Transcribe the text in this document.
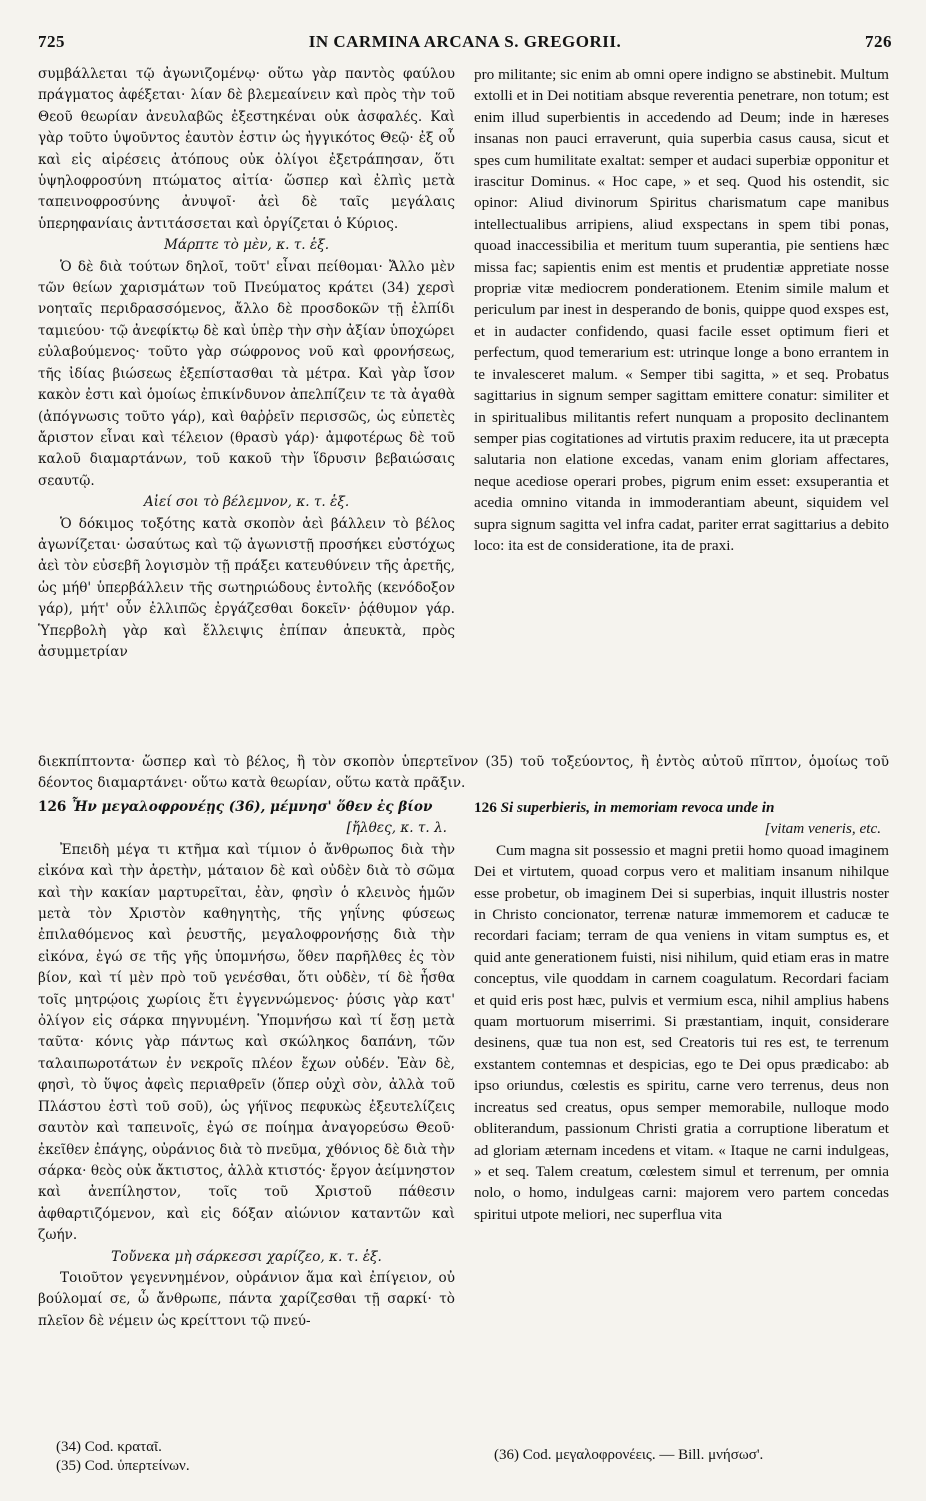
725	IN CARMINA ARCANA S. GREGORII.	726

συμβάλλεται τῷ ἀγωνιζομένῳ· οὕτω γὰρ παντὸς φαύλου πράγματος ἀφέξεται· λίαν δὲ βλεμεαίνειν καὶ πρὸς τὴν τοῦ Θεοῦ θεωρίαν ἀνευλαβῶς ἐξεστηκέναι οὐκ ἀσφαλές. Καὶ γὰρ τοῦτο ὑψοῦντος ἑαυτὸν ἐστιν ὡς ἠγγικότος Θεῷ· ἐξ οὗ καὶ εἰς αἱρέσεις ἀτόπους οὐκ ὀλίγοι ἐξετράπησαν, ὅτι ὑψηλοφροσύνη πτώματος αἰτία· ὥσπερ καὶ ἐλπὶς μετὰ ταπεινοφροσύνης ἀνυψοῖ· ἀεὶ δὲ ταῖς μεγάλαις ὑπερηφανίαις ἀντιτάσσεται καὶ ὀργίζεται ὁ Κύριος.

Μάρπτε τὸ μὲν, κ. τ. ἑξ.

Ὁ δὲ διὰ τούτων δηλοῖ, τοῦτ' εἶναι πείθομαι· Ἄλλο μὲν τῶν θείων χαρισμάτων τοῦ Πνεύματος κράτει (34) χερσὶ νοηταῖς περιδρασσόμενος, ἄλλο δὲ προσδοκῶν τῇ ἐλπίδι ταμιεύου· τῷ ἀνεφίκτῳ δὲ καὶ ὑπὲρ τὴν σὴν ἀξίαν ὑποχώρει εὐλαβούμενος· τοῦτο γὰρ σώφρονος νοῦ καὶ φρονήσεως, τῆς ἰδίας βιώσεως ἐξεπίστασθαι τὰ μέτρα. Καὶ γὰρ ἴσον κακὸν ἐστι καὶ ὁμοίως ἐπικίνδυνον ἀπελπίζειν τε τὰ ἀγαθὰ (ἀπόγνωσις τοῦτο γάρ), καὶ θαῤῥεῖν περισσῶς, ὡς εὐπετὲς ἄριστον εἶναι καὶ τέλειον (θρασὺ γάρ)· ἀμφοτέρως δὲ τοῦ καλοῦ διαμαρτάνων, τοῦ κακοῦ τὴν ἵδρυσιν βεβαιώσαις σεαυτῷ.

Αἰεί σοι τὸ βέλεμνον, κ. τ. ἑξ.

Ὁ δόκιμος τοξότης κατὰ σκοπὸν ἀεὶ βάλλειν τὸ βέλος ἀγωνίζεται· ὡσαύτως καὶ τῷ ἀγωνιστῇ προσήκει εὐστόχως ἀεὶ τὸν εὐσεβῆ λογισμὸν τῇ πράξει κατευθύνειν τῆς ἀρετῆς, ὡς μήθ' ὑπερβάλλειν τῆς σωτηριώδους ἐντολῆς (κενόδοξον γάρ), μήτ' οὖν ἐλλιπῶς ἐργάζεσθαι δοκεῖν· ῥᾴθυμον γάρ. Ὑπερβολὴ γὰρ καὶ ἔλλειψις ἐπίπαν ἀπευκτὰ, πρὸς ἀσυμμετρίαν

pro militante; sic enim ab omni opere indigno se abstinebit. Multum extolli et in Dei notitiam absque reverentia penetrare, non totum; est enim illud superbientis in accedendo ad Deum; inde in hæreses insanas non pauci erraverunt, quia superbia casus causa, sicut et spes cum humilitate exaltat: semper et audaci superbiæ opponitur et irascitur Dominus. « Hoc cape, » et seq. Quod his ostendit, sic opinor: Aliud divinorum Spiritus charismatum cape manibus intellectualibus arripiens, aliud exspectans in spem tibi ponas, quoad inaccessibilia et meritum tuum superantia, pie sentiens hæc missa fac; sapientis enim est mentis et prudentiæ appretiate nosse propriæ vitæ mediocrem ponderationem. Etenim simile malum et periculum par inest in desperando de bonis, quippe quod exspes est, et in audacter confidendo, quasi facile esset optimum fieri et perfectum, quod temerarium est: utrinque longe a bono errantem in te invalesceret malum. « Semper tibi sagitta, » et seq. Probatus sagittarius in signum semper sagittam emittere conatur: similiter et in spiritualibus militantis refert nunquam a proposito declinantem semper pias cogitationes ad virtutis praxim reducere, ita ut præcepta salutaria non elatione excedas, vanam enim gloriam affectares, neque acediose operari probes, pigrum enim esset: exsuperantia et acedia omnino vitanda in immoderantiam abeunt, siquidem vel supra signum sagitta vel infra cadat, pariter errat sagittarius a debito loco: ita est de consideratione, ita de praxi.

διεκπίπτοντα· ὥσπερ καὶ τὸ βέλος, ἢ τὸν σκοπὸν ὑπερτεῖνον (35) τοῦ τοξεύοντος, ἢ ἐντὸς αὐτοῦ πῖπτον, ὁμοίως τοῦ δέοντος διαμαρτάνει· οὕτω κατὰ θεωρίαν, οὕτω κατὰ πρᾶξιν.

126 Ἦν μεγαλοφρονέῃς (36), μέμνησ' ὅθεν ἐς βίον

[ἤλθες, κ. τ. λ.

Ἐπειδὴ μέγα τι κτῆμα καὶ τίμιον ὁ ἄνθρωπος διὰ τὴν εἰκόνα καὶ τὴν ἀρετὴν, μάταιον δὲ καὶ οὐδὲν διὰ τὸ σῶμα καὶ τὴν κακίαν μαρτυρεῖται, ἐὰν, φησὶν ὁ κλεινὸς ἡμῶν μετὰ τὸν Χριστὸν καθηγητὴς, τῆς γηΐνης φύσεως ἐπιλαθόμενος καὶ ῥευστῆς, μεγαλοφρονήσῃς διὰ τὴν εἰκόνα, ἐγώ σε τῆς γῆς ὑπομνήσω, ὅθεν παρῆλθες ἐς τὸν βίον, καὶ τί μὲν πρὸ τοῦ γενέσθαι, ὅτι οὐδὲν, τί δὲ ἦσθα τοῖς μητρῴοις χωρίοις ἔτι ἐγγεννώμενος· ῥύσις γὰρ κατ' ὀλίγον εἰς σάρκα πηγνυμένη. Ὑπομνήσω καὶ τί ἔσῃ μετὰ ταῦτα· κόνις γὰρ πάντως καὶ σκώληκος δαπάνη, τῶν ταλαιπωροτάτων ἐν νεκροῖς πλέον ἔχων οὐδέν. Ἐὰν δὲ, φησὶ, τὸ ὕψος ἀφεὶς περιαθρεῖν (ὅπερ οὐχὶ σὸν, ἀλλὰ τοῦ Πλάστου ἐστὶ τοῦ σοῦ), ὡς γήϊνος πεφυκὼς ἐξευτελίζεις σαυτὸν καὶ ταπεινοῖς, ἐγώ σε ποίημα ἀναγορεύσω Θεοῦ· ἐκεῖθεν ἐπάγης, οὐράνιος διὰ τὸ πνεῦμα, χθόνιος δὲ διὰ τὴν σάρκα· θεὸς οὐκ ἄκτιστος, ἀλλὰ κτιστός· ἔργον ἀείμνηστον καὶ ἀνεπίληστον, τοῖς τοῦ Χριστοῦ πάθεσιν ἀφθαρτιζόμενον, καὶ εἰς δόξαν αἰώνιον καταντῶν καὶ ζωήν.

Τοὔνεκα μὴ σάρκεσσι χαρίζεο, κ. τ. ἑξ.

Τοιοῦτον γεγεννημένον, οὐράνιον ἅμα καὶ ἐπίγειον, οὐ βούλομαί σε, ὦ ἄνθρωπε, πάντα χαρίζεσθαι τῇ σαρκί· τὸ πλεῖον δὲ νέμειν ὡς κρείττονι τῷ πνεύ-

126 Si superbieris, in memoriam revoca unde in

[vitam veneris, etc.

Cum magna sit possessio et magni pretii homo quoad imaginem Dei et virtutem, quoad corpus vero et malitiam insanum nihilque esse probetur, ob imaginem Dei si superbias, inquit illustris noster in Christo concionator, terrenæ naturæ immemorem et caducæ te recordari faciam; terram de qua veniens in vitam sumptus es, et quid ante generationem fuisti, nisi nihilum, quid etiam eras in matre conceptus, vile quoddam in carnem coagulatum. Recordari faciam et quid eris post hæc, pulvis et vermium esca, nihil amplius habens quam mortuorum miserrimi. Si præstantiam, inquit, considerare desinens, quæ tua non est, sed Creatoris tui res est, te terrenum exstantem contemnas et despicias, ego te Dei opus prædicabo: ab ipso oriundus, cœlestis es spiritu, carne vero terrenus, deus non increatus sed creatus, opus semper memorabile, nulloque modo obliterandum, passionum Christi gratia a corruptione liberatum et ad gloriam æternam incedens et vitam. « Itaque ne carni indulgeas, » et seq. Talem creatum, cœlestem simul et terrenum, per omnia nolo, o homo, indulgeas carni: majorem vero partem concedas spiritui utpote meliori, nec superflua vita

(34) Cod. κραταῖ.
(35) Cod. ὑπερτείνων.
(36) Cod. μεγαλοφρονέεις. — Bill. μνήσωσ'.
